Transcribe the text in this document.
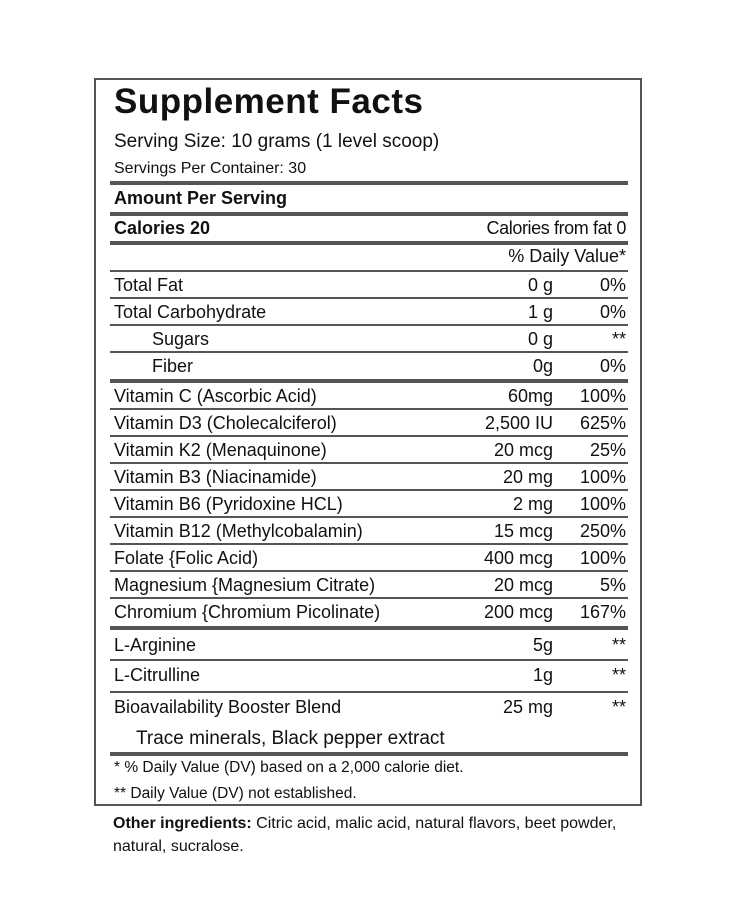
Supplement Facts
Serving Size: 10 grams (1 level scoop)
Servings Per Container: 30
Amount Per Serving
Calories 20	Calories from fat 0
% Daily Value*
Total Fat	0 g	0%
Total Carbohydrate	1 g	0%
Sugars	0 g	**
Fiber	0g	0%
Vitamin C (Ascorbic Acid)	60mg 100%
Vitamin D3 (Cholecalciferol)	2,500 IU 625%
Vitamin K2 (Menaquinone)	20 mcg 25%
Vitamin B3 (Niacinamide)	20 mg 100%
Vitamin B6 (Pyridoxine HCL)	2 mg 100%
Vitamin B12 (Methylcobalamin)	15 mcg 250%
Folate {Folic Acid)	400 mcg 100%
Magnesium {Magnesium Citrate)	20 mcg	5%
Chromium {Chromium Picolinate)	200 mcg 167%
L-Arginine	5g	**
L-Citrulline	1g	**
Bioavailability Booster Blend	25 mg	**
Trace minerals, Black pepper extract
* % Daily Value (DV) based on a 2,000 calorie diet.
** Daily Value (DV) not established.
Other ingredients: Citric acid, malic acid, natural flavors, beet powder, natural, sucralose.
